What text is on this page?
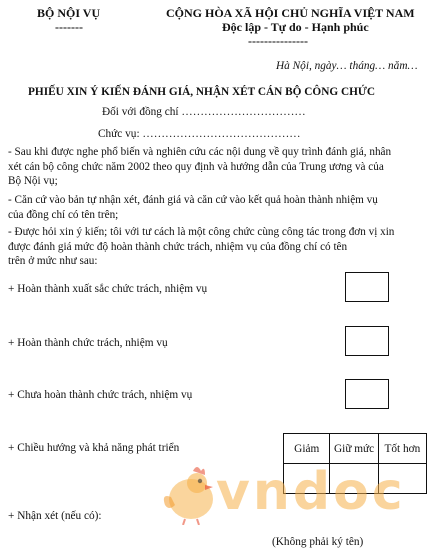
BỘ NỘI VỤ
-------
CỘNG HÒA XÃ HỘI CHỦ NGHĨA VIỆT NAM
Độc lập - Tự do - Hạnh phúc
---------------
Hà Nội, ngày… tháng… năm…
PHIẾU XIN Ý KIẾN ĐÁNH GIÁ, NHẬN XÉT CÁN BỘ CÔNG CHỨC
Đối với đồng chí ……………………………
Chức vụ: ……………………………………
- Sau khi được nghe phổ biến và nghiên cứu các nội dung về quy trình đánh giá, nhân
xét cán bộ công chức năm 2002 theo quy định và hướng dẫn của Trung ương và của
Bộ Nội vụ;
- Căn cứ vào bản tự nhận xét, đánh giá và căn cứ vào kết quả hoàn thành nhiệm vụ
của đồng chí có tên trên;
- Được hỏi xin ý kiến; tôi với tư cách là một công chức cùng công tác trong đơn vị xin
được đánh giá mức độ hoàn thành chức trách, nhiệm vụ của đồng chí có tên
trên ở mức như sau:
+ Hoàn thành xuất sắc chức trách, nhiệm vụ
+ Hoàn thành chức trách, nhiệm vụ
+ Chưa hoàn thành chức trách, nhiệm vụ
+ Chiều hướng và khả năng phát triển	Giảm	Giữ mức	Tốt hơn

vndoc
+ Nhận xét (nếu có):
(Không phải ký tên)
